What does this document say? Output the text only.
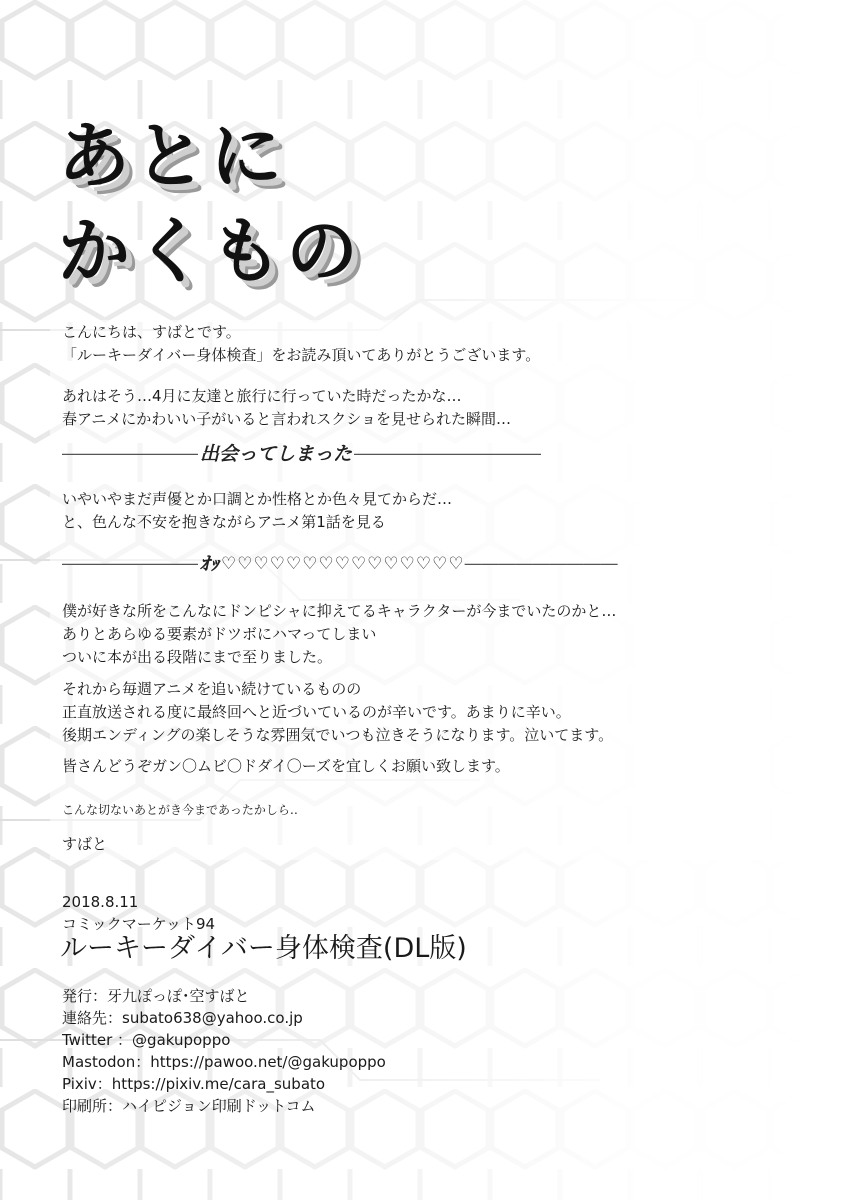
あとに
かくもの
こんにちは、すばとです。
「ルーキーダイバー身体検査」をお読み頂いてありがとうございます。
あれはそう…4月に友達と旅行に行っていた時だったかな…
春アニメにかわいい子がいると言われスクショを見せられた瞬間…
―――――――― 出会ってしまった ―――――――――――
いやいやまだ声優とか口調とか性格とか色々見てからだ…
と、色んな不安を抱きながらアニメ第1話を見る
―――――――― ｵｯ ♡♡♡♡♡♡♡♡♡♡♡♡♡♡♡ ―――――――――
僕が好きな所をこんなにドンピシャに抑えてるキャラクターが今までいたのかと…
ありとあらゆる要素がドツボにハマってしまい
ついに本が出る段階にまで至りました。
それから毎週アニメを追い続けているものの
正直放送される度に最終回へと近づいているのが辛いです。あまりに辛い。
後期エンディングの楽しそうな雰囲気でいつも泣きそうになります。泣いてます。
皆さんどうぞガン〇ムビ〇ドダイ〇ーズを宜しくお願い致します。
こんな切ないあとがき今まであったかしら‥
すばと
2018.8.11
コミックマーケット94
ルーキーダイバー身体検査(DL版)
発行：牙九ぽっぽ･空すばと
連絡先：subato638@yahoo.co.jp
Twitter ：@gakupoppo
Mastodon：https://pawoo.net/@gakupoppo
Pixiv：https://pixiv.me/cara_subato
印刷所：ハイピジョン印刷ドットコム
